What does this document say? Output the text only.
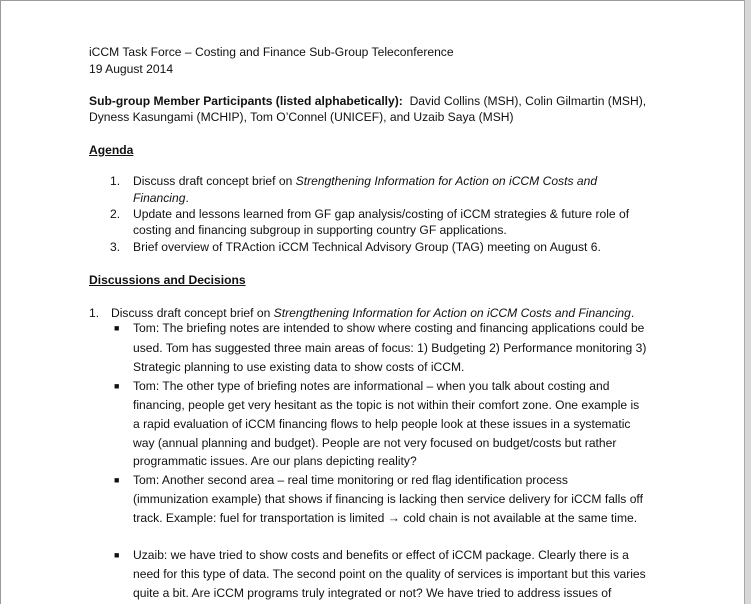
iCCM Task Force – Costing and Finance Sub-Group Teleconference
19 August 2014
Sub-group Member Participants (listed alphabetically): David Collins (MSH), Colin Gilmartin (MSH),
Dyness Kasungami (MCHIP), Tom O’Connel (UNICEF), and Uzaib Saya (MSH)
Agenda
1. Discuss draft concept brief on Strengthening Information for Action on iCCM Costs and
Financing.
2. Update and lessons learned from GF gap analysis/costing of iCCM strategies & future role of
costing and financing subgroup in supporting country GF applications.
3. Brief overview of TRAction iCCM Technical Advisory Group (TAG) meeting on August 6.
Discussions and Decisions
1. Discuss draft concept brief on Strengthening Information for Action on iCCM Costs and Financing.
■ Tom: The briefing notes are intended to show where costing and financing applications could be
used. Tom has suggested three main areas of focus: 1) Budgeting 2) Performance monitoring 3)
Strategic planning to use existing data to show costs of iCCM.
■ Tom: The other type of briefing notes are informational – when you talk about costing and
financing, people get very hesitant as the topic is not within their comfort zone. One example is
a rapid evaluation of iCCM financing flows to help people look at these issues in a systematic
way (annual planning and budget). People are not very focused on budget/costs but rather
programmatic issues. Are our plans depicting reality?
■ Tom: Another second area – real time monitoring or red flag identification process
(immunization example) that shows if financing is lacking then service delivery for iCCM falls off
track. Example: fuel for transportation is limited → cold chain is not available at the same time.
■ Uzaib: we have tried to show costs and benefits or effect of iCCM package. Clearly there is a
need for this type of data. The second point on the quality of services is important but this varies
quite a bit. Are iCCM programs truly integrated or not? We have tried to address issues of
